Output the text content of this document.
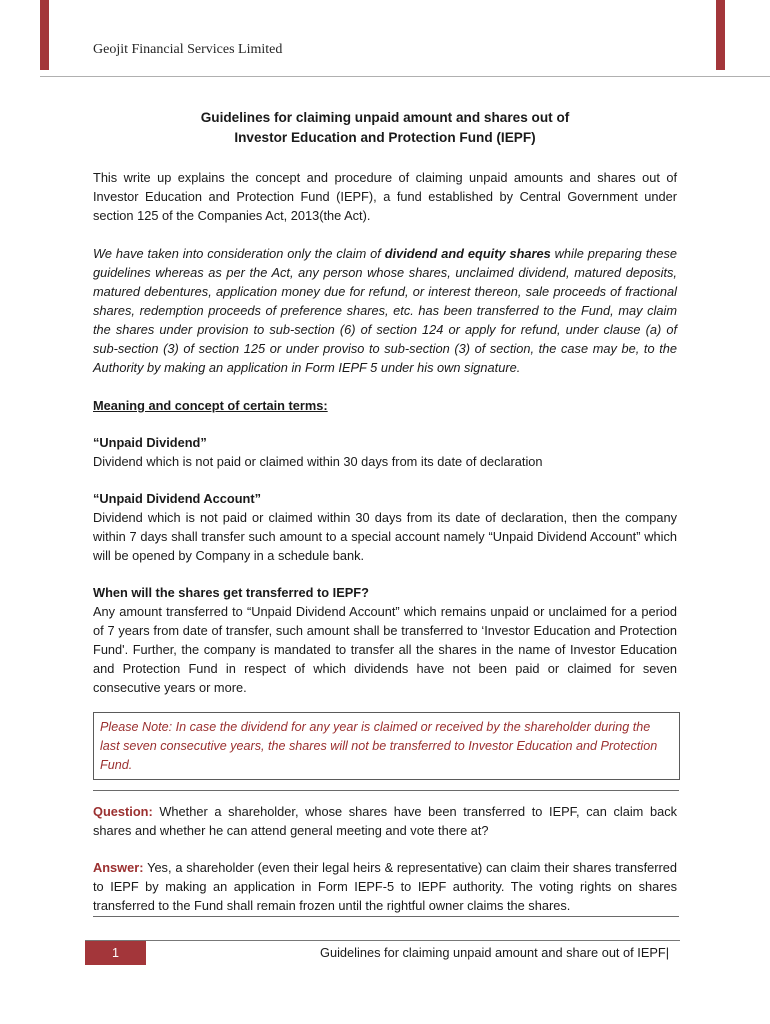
Geojit Financial Services Limited
Guidelines for claiming unpaid amount and shares out of
Investor Education and Protection Fund (IEPF)
This write up explains the concept and procedure of claiming unpaid amounts and shares out of Investor Education and Protection Fund (IEPF), a fund established by Central Government under section 125 of the Companies Act, 2013(the Act).
We have taken into consideration only the claim of dividend and equity shares while preparing these guidelines whereas as per the Act, any person whose shares, unclaimed dividend, matured deposits, matured debentures, application money due for refund, or interest thereon, sale proceeds of fractional shares, redemption proceeds of preference shares, etc. has been transferred to the Fund, may claim the shares under provision to sub-section (6) of section 124 or apply for refund, under clause (a) of sub-section (3) of section 125 or under proviso to sub-section (3) of section, the case may be, to the Authority by making an application in Form IEPF 5 under his own signature.
Meaning and concept of certain terms:
“Unpaid Dividend”
Dividend which is not paid or claimed within 30 days from its date of declaration
“Unpaid Dividend Account”
Dividend which is not paid or claimed within 30 days from its date of declaration, then the company within 7 days shall transfer such amount to a special account namely “Unpaid Dividend Account” which will be opened by Company in a schedule bank.
When will the shares get transferred to IEPF?
Any amount transferred to “Unpaid Dividend Account” which remains unpaid or unclaimed for a period of 7 years from date of transfer, such amount shall be transferred to ‘Investor Education and Protection Fund'. Further, the company is mandated to transfer all the shares in the name of Investor Education and Protection Fund in respect of which dividends have not been paid or claimed for seven consecutive years or more.
Please Note: In case the dividend for any year is claimed or received by the shareholder during the last seven consecutive years, the shares will not be transferred to Investor Education and Protection Fund.
Question: Whether a shareholder, whose shares have been transferred to IEPF, can claim back shares and whether he can attend general meeting and vote there at?
Answer: Yes, a shareholder (even their legal heirs & representative) can claim their shares transferred to IEPF by making an application in Form IEPF-5 to IEPF authority. The voting rights on shares transferred to the Fund shall remain frozen until the rightful owner claims the shares.
1	Guidelines for claiming unpaid amount and share out of IEPF|
